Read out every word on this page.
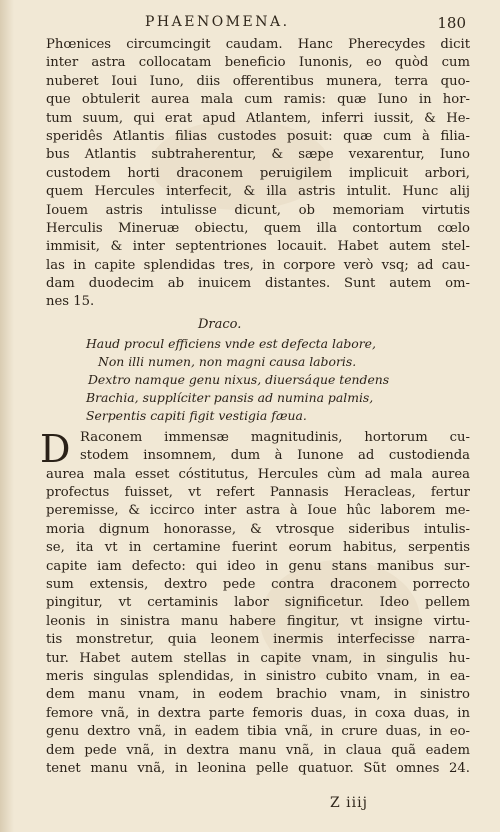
PHAENOMENA.	180
Phœnices circumcingit caudam. Hanc Pherecydes dicit
inter astra collocatam beneficio Iunonis, eo quòd cum
nuberet Ioui Iuno, diis offerentibus munera, terra quo-
que obtulerit aurea mala cum ramis: quæ Iuno in hor-
tum suum, qui erat apud Atlantem, inferri iussit, & He-
speridês Atlantis filias custodes posuit: quæ cum à filia-
bus Atlantis subtraherentur, & sæpe vexarentur, Iuno
custodem horti draconem peruigilem implicuit arbori,
quem Hercules interfecit, & illa astris intulit. Hunc alij
Iouem astris intulisse dicunt, ob memoriam virtutis
Herculis Mineruæ obiectu, quem illa contortum cœlo
immisit, & inter septentriones locauit. Habet autem stel-
las in capite splendidas tres, in corpore verò vsq; ad cau-
dam duodecim ab inuicem distantes. Sunt autem om-
nes 15.
Draco.
Haud procul efficiens vnde est defecta labore,
Non illi numen, non magni causa laboris.
Dextro namque genu nixus, diuersáque tendens
Brachia, supplíciter pansis ad numina palmis,
Serpentis capiti figit vestigia fæua.
D Raconem immensæ magnitudinis, hortorum cu-
stodem insomnem, dum à Iunone ad custodienda
aurea mala esset cóstitutus, Hercules cùm ad mala aurea
profectus fuisset, vt refert Pannasis Heracleas, fertur
peremisse, & iccirco inter astra à Ioue hûc laborem me-
moria dignum honorasse, & vtrosque sideribus intulis-
se, ita vt in certamine fuerint eorum habitus, serpentis
capite iam defecto: qui ideo in genu stans manibus sur-
sum extensis, dextro pede contra draconem porrecto
pingitur, vt certaminis labor significetur. Ideo pellem
leonis in sinistra manu habere fingitur, vt insigne virtu-
tis monstretur, quia leonem inermis interfecisse narra-
tur. Habet autem stellas in capite vnam, in singulis hu-
meris singulas splendidas, in sinistro cubito vnam, in ea-
dem manu vnam, in eodem brachio vnam, in sinistro
femore vnã, in dextra parte femoris duas, in coxa duas, in
genu dextro vnã, in eadem tibia vnã, in crure duas, in eo-
dem pede vnã, in dextra manu vnã, in claua quã eadem
tenet manu vnã, in leonina pelle quatuor. Sũt omnes 24.
Z iiij
